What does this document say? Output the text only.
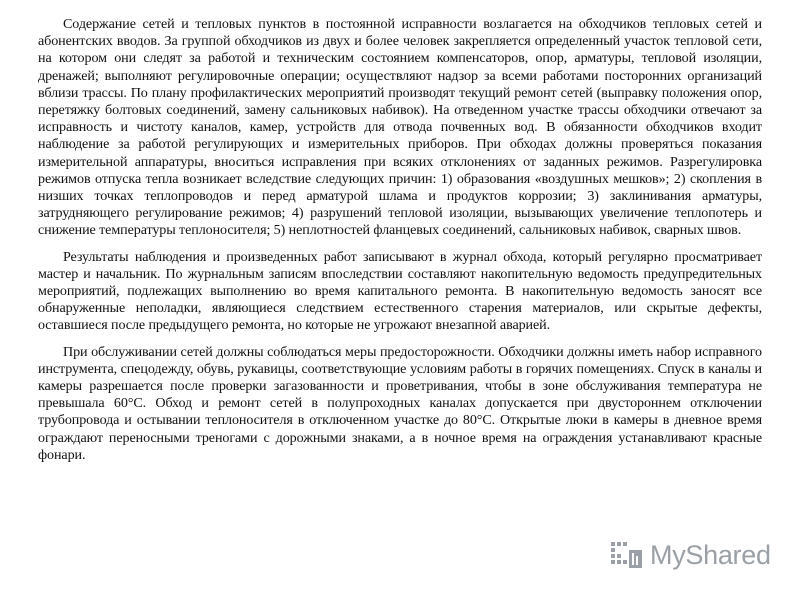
Содержание сетей и тепловых пунктов в постоянной исправности возлагается на обходчиков тепловых сетей и абонентских вводов. За группой обходчиков из двух и более человек закрепляется определенный участок тепловой сети, на котором они следят за работой и техническим состоянием компенсаторов, опор, арматуры, тепловой изоляции, дренажей; выполняют регулировочные операции; осуществляют надзор за всеми работами посторонних организаций вблизи трассы. По плану профилактических мероприятий производят текущий ремонт сетей (выправку положения опор, перетяжку болтовых соединений, замену сальниковых набивок). На отведенном участке трассы обходчики отвечают за исправность и чистоту каналов, камер, устройств для отвода почвенных вод. В обязанности обходчиков входит наблюдение за работой регулирующих и измерительных приборов. При обходах должны проверяться показания измерительной аппаратуры, вноситься исправления при всяких отклонениях от заданных режимов. Разрегулировка режимов отпуска тепла возникает вследствие следующих причин: 1) образования «воздушных мешков»; 2) скопления в низших точках теплопроводов и перед арматурой шлама и продуктов коррозии; 3) заклинивания арматуры, затрудняющего регулирование режимов; 4) разрушений тепловой изоляции, вызывающих увеличение теплопотерь и снижение температуры теплоносителя; 5) неплотностей фланцевых соединений, сальниковых набивок, сварных швов.

Результаты наблюдения и произведенных работ записывают в журнал обхода, который регулярно просматривает мастер и начальник. По журнальным записям впоследствии составляют накопительную ведомость предупредительных мероприятий, подлежащих выполнению во время капитального ремонта. В накопительную ведомость заносят все обнаруженные неполадки, являющиеся следствием естественного старения материалов, или скрытые дефекты, оставшиеся после предыдущего ремонта, но которые не угрожают внезапной аварией.

При обслуживании сетей должны соблюдаться меры предосторожности. Обходчики должны иметь набор исправного инструмента, спецодежду, обувь, рукавицы, соответствующие условиям работы в горячих помещениях. Спуск в каналы и камеры разрешается после проверки загазованности и проветривания, чтобы в зоне обслуживания температура не превышала 60°С. Обход и ремонт сетей в полупроходных каналах допускается при двустороннем отключении трубопровода и остывании теплоносителя в отключенном участке до 80°С. Открытые люки в камеры в дневное время ограждают переносными треногами с дорожными знаками, а в ночное время на ограждения устанавливают красные фонари.

MyShared
